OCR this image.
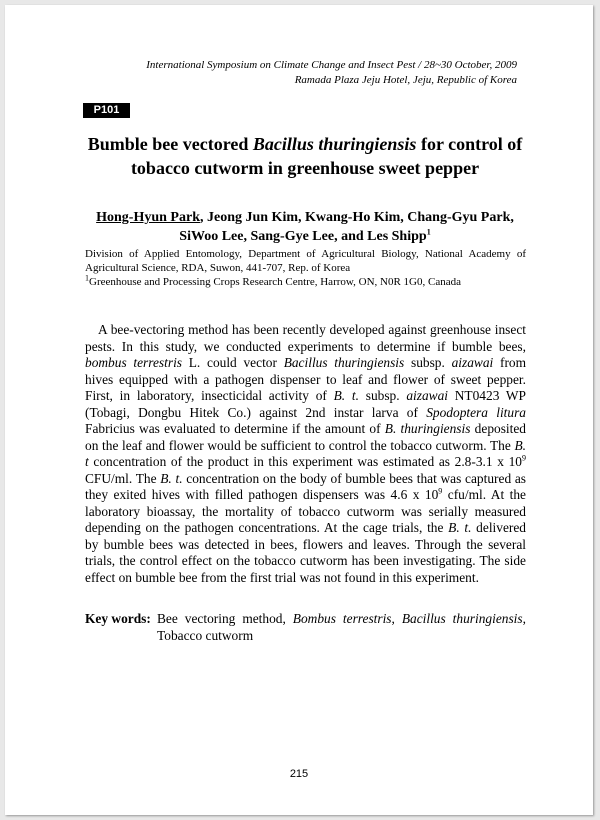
International Symposium on Climate Change and Insect Pest / 28~30 October, 2009
Ramada Plaza Jeju Hotel, Jeju, Republic of Korea
P101
Bumble bee vectored Bacillus thuringiensis for control of tobacco cutworm in greenhouse sweet pepper
Hong-Hyun Park, Jeong Jun Kim, Kwang-Ho Kim, Chang-Gyu Park, SiWoo Lee, Sang-Gye Lee, and Les Shipp$^1$

Division of Applied Entomology, Department of Agricultural Biology, National Academy of Agricultural Science, RDA, Suwon, 441-707, Rep. of Korea

$^1$Greenhouse and Processing Crops Research Centre, Harrow, ON, N0R 1G0, Canada

A bee-vectoring method has been recently developed against greenhouse insect pests. In this study, we conducted experiments to determine if bumble bees, bombus terrestris L. could vector Bacillus thuringiensis subsp. aizawai from hives equipped with a pathogen dispenser to leaf and flower of sweet pepper. First, in laboratory, insecticidal activity of B. t. subsp. aizawai NT0423 WP (Tobagi, Dongbu Hitek Co.) against 2nd instar larva of Spodoptera litura Fabricius was evaluated to determine if the amount of B. thuringiensis deposited on the leaf and flower would be sufficient to control the tobacco cutworm. The B. t concentration of the product in this experiment was estimated as 2.8-3.1 x $10^9$ CFU/ml. The B. t. concentration on the body of bumble bees that was captured as they exited hives with filled pathogen dispensers was 4.6 x $10^9$ cfu/ml. At the laboratory bioassay, the mortality of tobacco cutworm was serially measured depending on the pathogen concentrations. At the cage trials, the B. t. delivered by bumble bees was detected in bees, flowers and leaves. Through the several trials, the control effect on the tobacco cutworm has been investigating. The side effect on bumble bee from the first trial was not found in this experiment.

Key words: Bee vectoring method, Bombus terrestris, Bacillus thuringiensis, Tobacco cutworm
215
